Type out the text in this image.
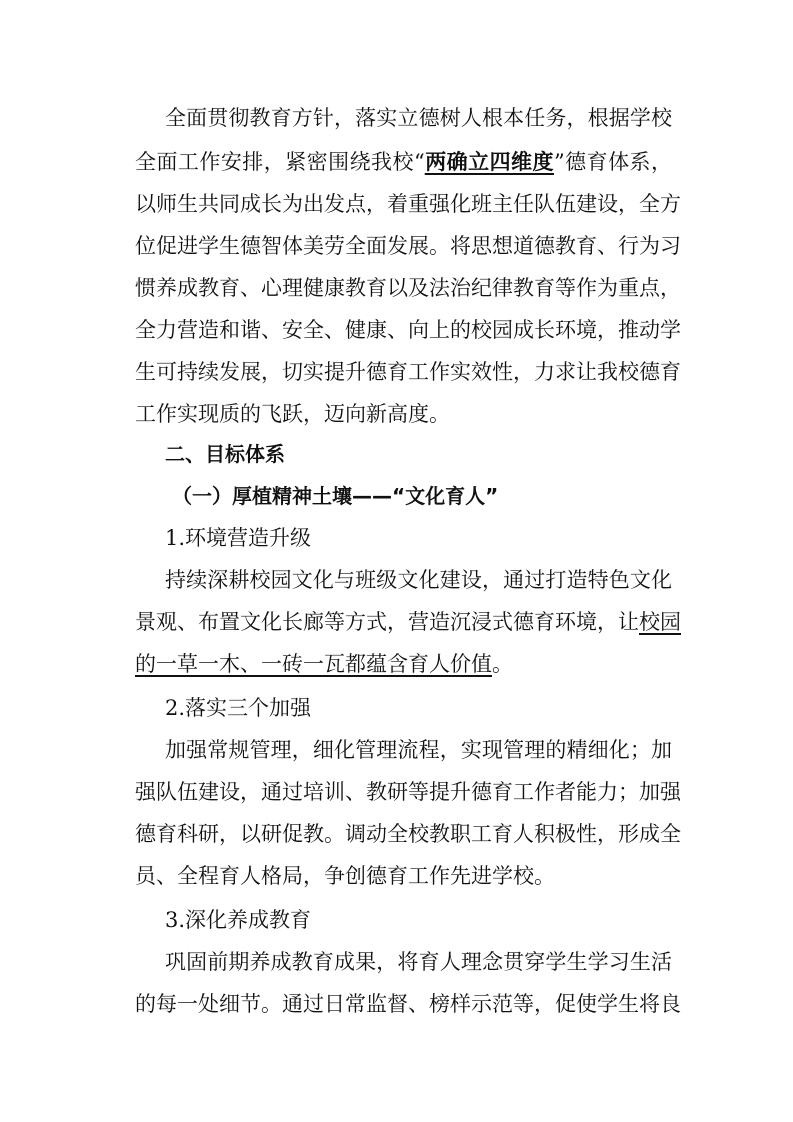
全面贯彻教育方针，落实立德树人根本任务，根据学校
全面工作安排，紧密围绕我校“两确立四维度”德育体系，
以师生共同成长为出发点，着重强化班主任队伍建设，全方
位促进学生德智体美劳全面发展。将思想道德教育、行为习
惯养成教育、心理健康教育以及法治纪律教育等作为重点，
全力营造和谐、安全、健康、向上的校园成长环境，推动学
生可持续发展，切实提升德育工作实效性，力求让我校德育
工作实现质的飞跃，迈向新高度。
二、目标体系
（一）厚植精神土壤——“文化育人”
1.环境营造升级
持续深耕校园文化与班级文化建设，通过打造特色文化
景观、布置文化长廊等方式，营造沉浸式德育环境，让校园
的一草一木、一砖一瓦都蕴含育人价值。
2.落实三个加强
加强常规管理，细化管理流程，实现管理的精细化；加
强队伍建设，通过培训、教研等提升德育工作者能力；加强
德育科研，以研促教。调动全校教职工育人积极性，形成全
员、全程育人格局，争创德育工作先进学校。
3.深化养成教育
巩固前期养成教育成果，将育人理念贯穿学生学习生活
的每一处细节。通过日常监督、榜样示范等，促使学生将良
